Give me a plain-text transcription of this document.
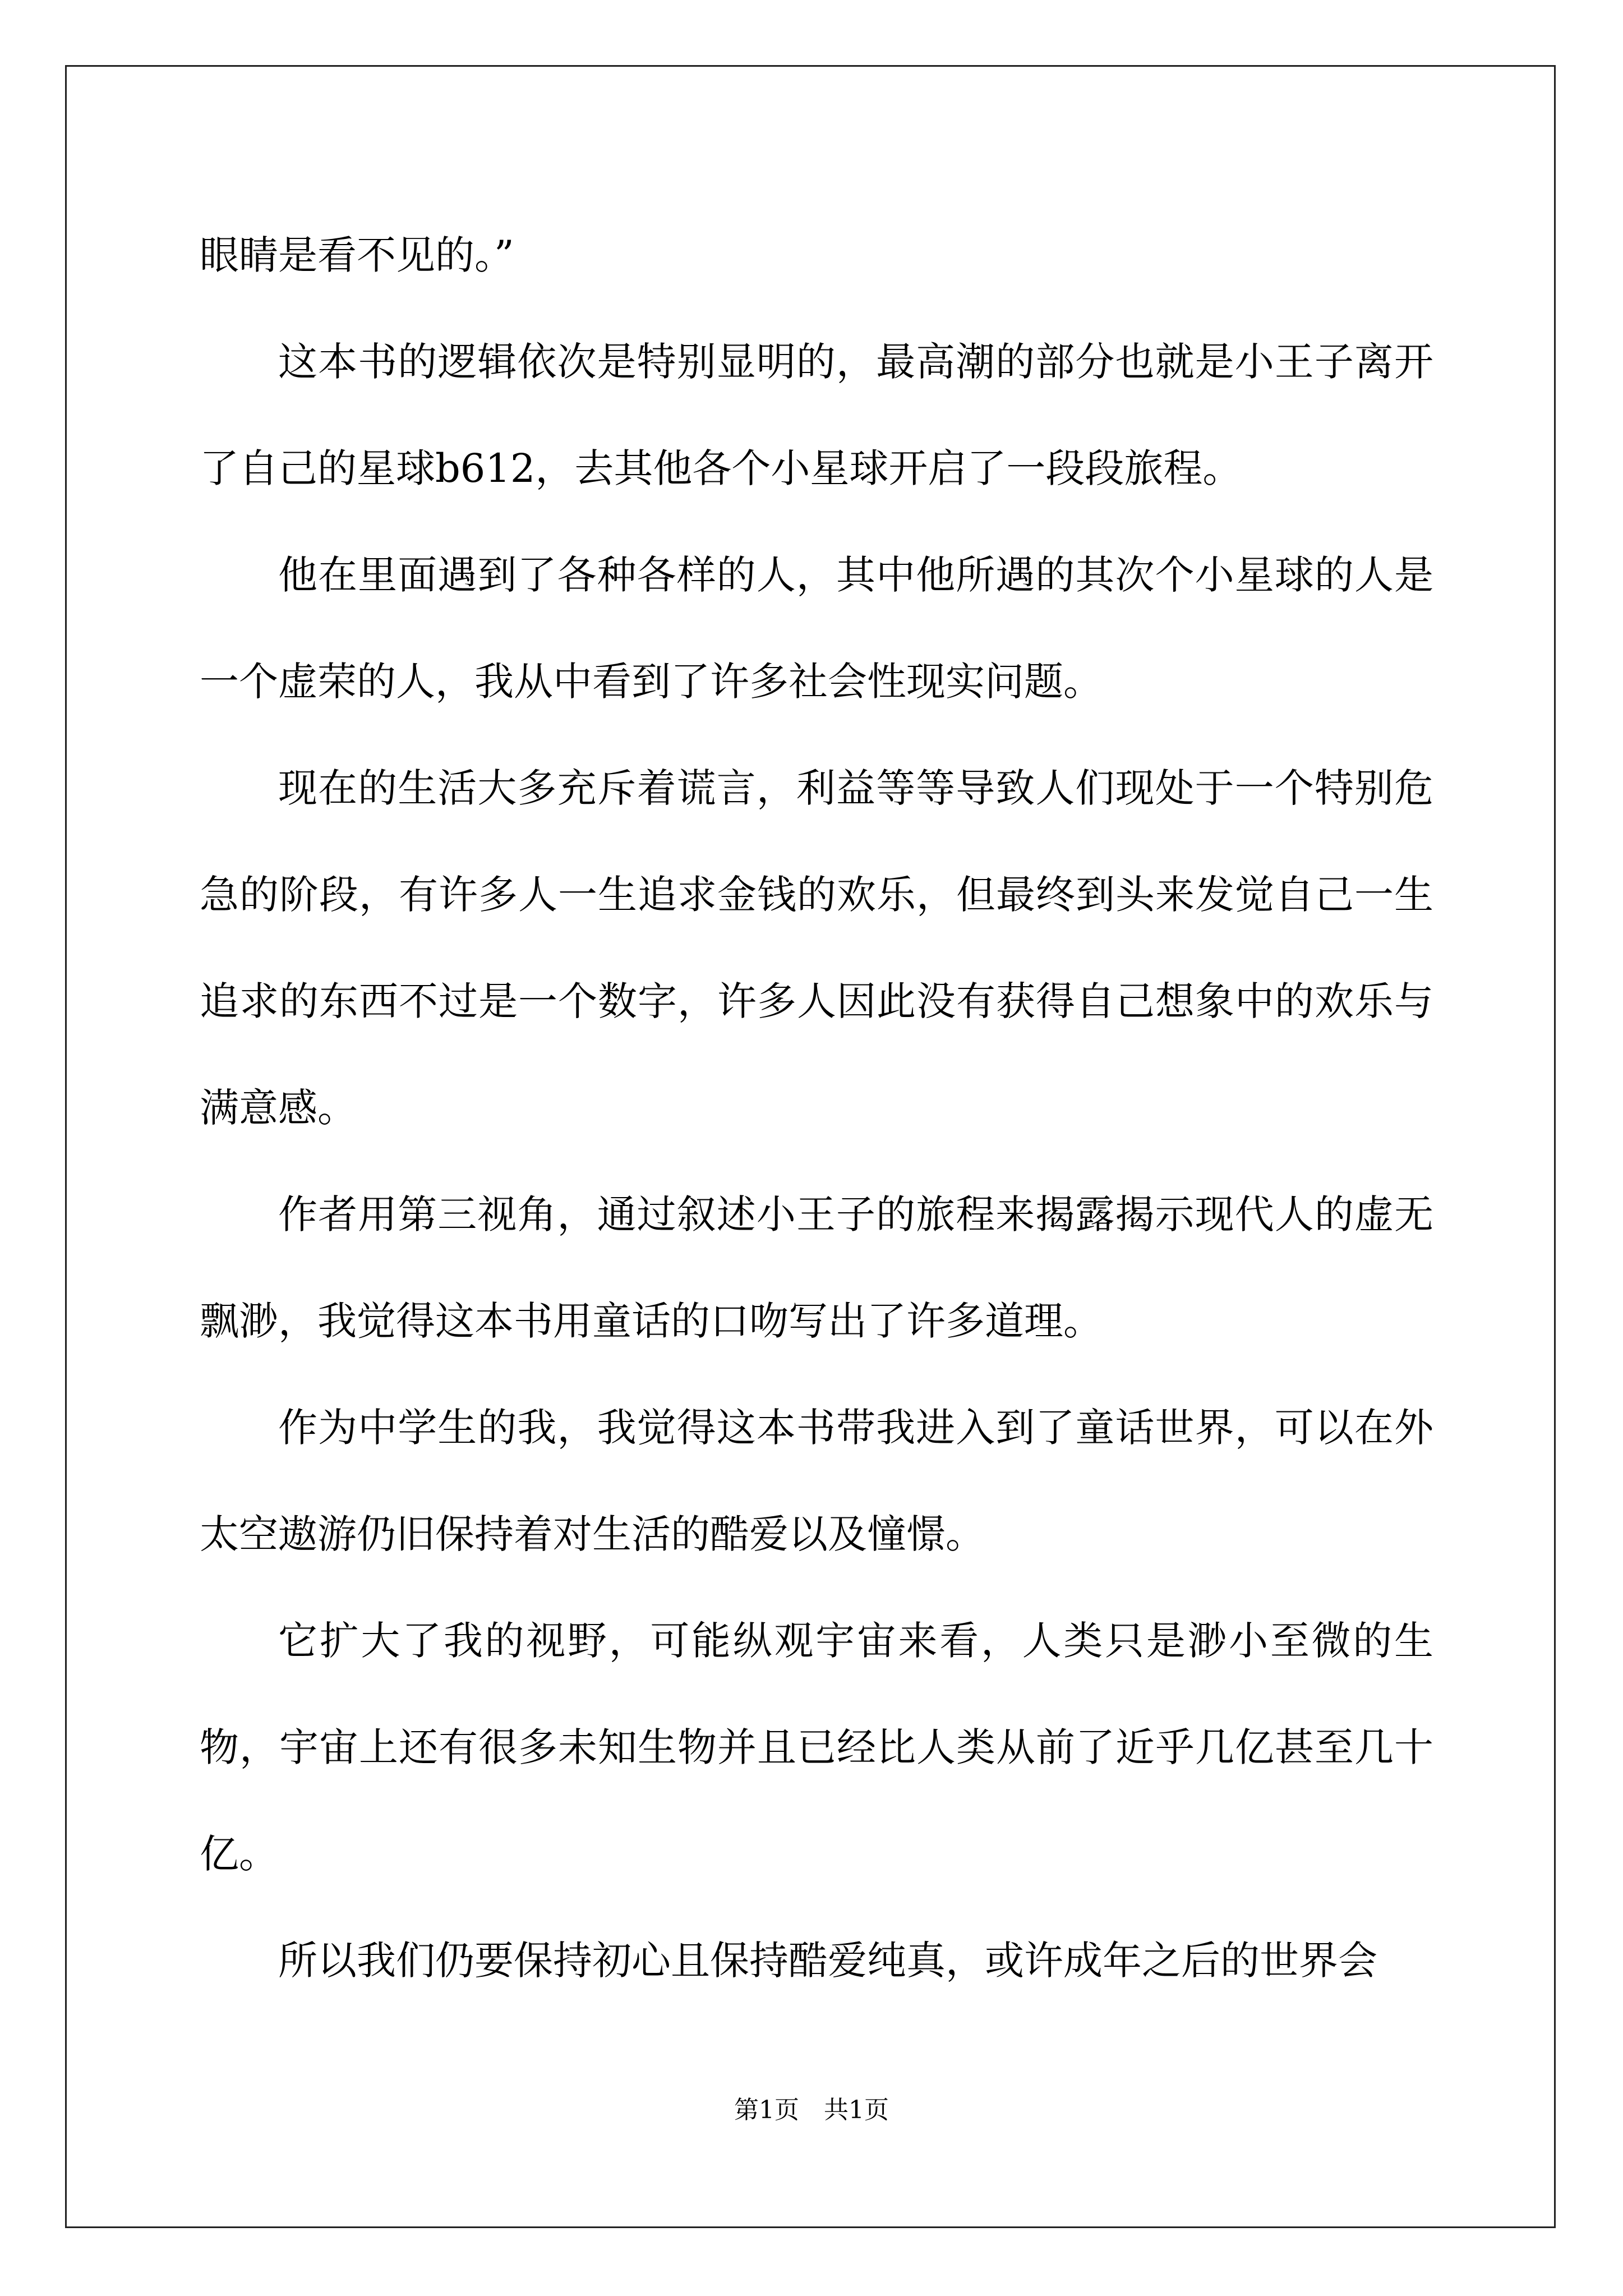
眼睛是看不见的。”

这本书的逻辑依次是特别显明的，最高潮的部分也就是小王子离开了自己的星球b612，去其他各个小星球开启了一段段旅程。

他在里面遇到了各种各样的人，其中他所遇的其次个小星球的人是一个虚荣的人，我从中看到了许多社会性现实问题。

现在的生活大多充斥着谎言，利益等等导致人们现处于一个特别危急的阶段，有许多人一生追求金钱的欢乐，但最终到头来发觉自己一生追求的东西不过是一个数字，许多人因此没有获得自己想象中的欢乐与满意感。

作者用第三视角，通过叙述小王子的旅程来揭露揭示现代人的虚无飘渺，我觉得这本书用童话的口吻写出了许多道理。

作为中学生的我，我觉得这本书带我进入到了童话世界，可以在外太空遨游仍旧保持着对生活的酷爱以及憧憬。

它扩大了我的视野，可能纵观宇宙来看，人类只是渺小至微的生物，宇宙上还有很多未知生物并且已经比人类从前了近乎几亿甚至几十亿。

所以我们仍要保持初心且保持酷爱纯真，或许成年之后的世界会

第1页　共1页
